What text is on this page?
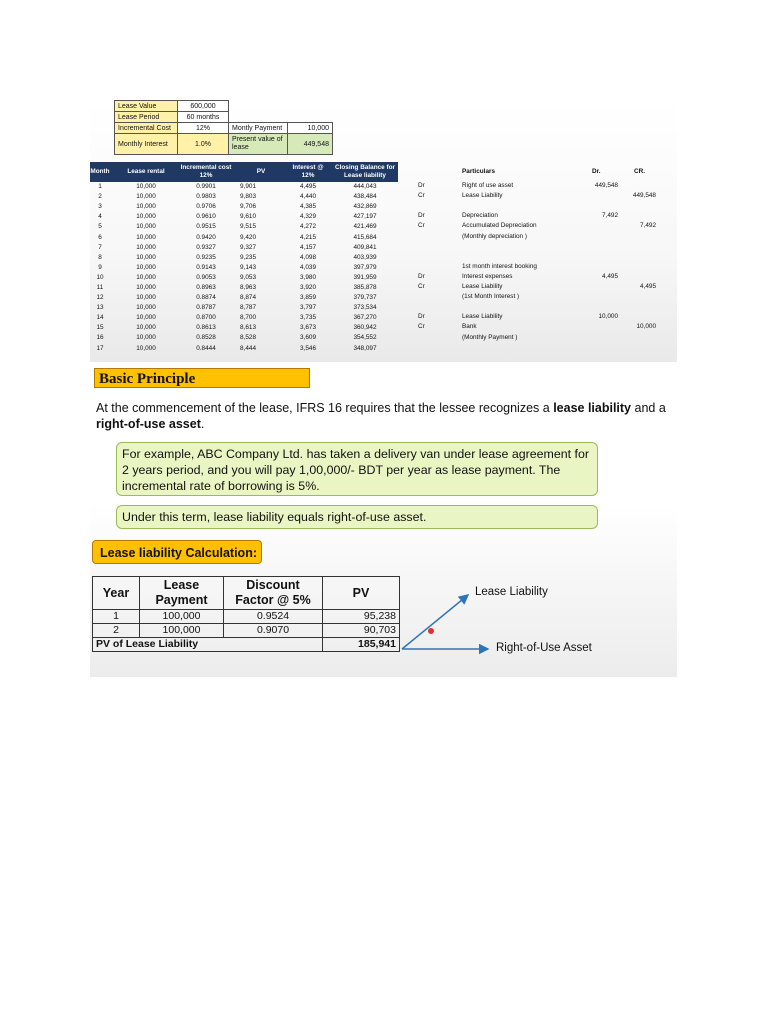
Lease Value	600,000		
Lease Period	60 months		
Incremental Cost	12%	Montly Payment	10,000
Monthly Interest	1.0%	Present value of lease	449,548
Month	Lease rental	Incremental cost 12%	PV	Interest @ 12%	Closing Balance for Lease liability
1	10,000	0.9901	9,901	4,495	444,043
2	10,000	0.9803	9,803	4,440	438,484
3	10,000	0.9706	9,706	4,385	432,869
4	10,000	0.9610	9,610	4,329	427,197
5	10,000	0.9515	9,515	4,272	421,469
6	10,000	0.9420	9,420	4,215	415,684
7	10,000	0.9327	9,327	4,157	409,841
8	10,000	0.9235	9,235	4,098	403,939
9	10,000	0.9143	9,143	4,039	397,979
10	10,000	0.9053	9,053	3,980	391,959
11	10,000	0.8963	8,963	3,920	385,878
12	10,000	0.8874	8,874	3,859	379,737
13	10,000	0.8787	8,787	3,797	373,534
14	10,000	0.8700	8,700	3,735	367,270
15	10,000	0.8613	8,613	3,673	360,942
16	10,000	0.8528	8,528	3,609	354,552
17	10,000	0.8444	8,444	3,546	348,097
Particulars	Dr.	CR.
Dr	Right of use asset	449,548
Cr	Lease Liability	449,548
Dr	Depreciation	7,492
Cr	Accumulated Depreciation	7,492
(Monthly depreciation )
1st month interest booking
Dr	Interest expenses	4,495
Cr	Lease Liability	4,495
(1st Month Interest )
Dr	Lease Liability	10,000
Cr	Bank	10,000
(Monthly Payment )
Basic Principle
At the commencement of the lease, IFRS 16 requires that the lessee recognizes a lease liability and a right-of-use asset.
For example, ABC Company Ltd. has taken a delivery van under lease agreement for 2 years period, and you will pay 1,00,000/- BDT per year as lease payment. The incremental rate of borrowing is 5%.
Under this term, lease liability equals right-of-use asset.
Lease liability Calculation:
Year	Lease Payment	Discount Factor @ 5%	PV
1	100,000	0.9524	95,238
2	100,000	0.9070	90,703
PV of Lease Liability			185,941
Lease Liability
Right-of-Use Asset
